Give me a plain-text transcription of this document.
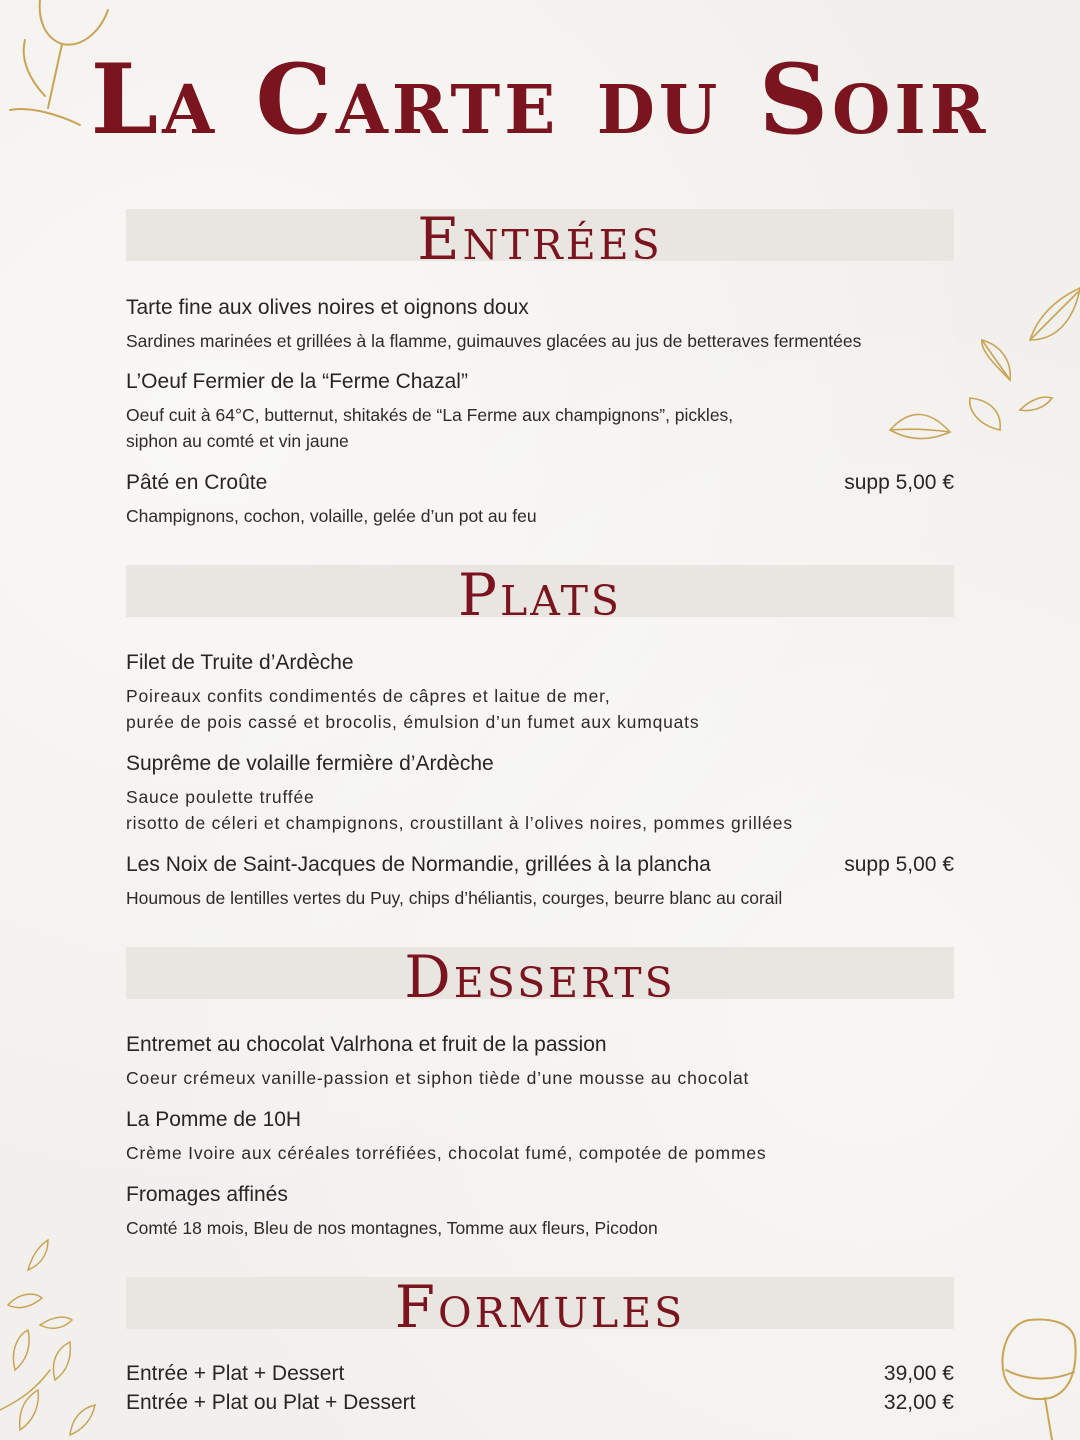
La Carte du Soir
Entrées
Tarte fine aux olives noires et oignons doux
Sardines marinées et grillées à la flamme, guimauves glacées au jus de betteraves fermentées
L’Oeuf Fermier de la “Ferme Chazal”
Oeuf cuit à 64°C, butternut, shitakés de “La Ferme aux champignons”, pickles,
siphon au comté et vin jaune
Pâté en Croûte	supp 5,00 €
Champignons, cochon, volaille, gelée d’un pot au feu
Plats
Filet de Truite d’Ardèche
Poireaux confits condimentés de câpres et laitue de mer,
purée de pois cassé et brocolis, émulsion d’un fumet aux kumquats
Suprême de volaille fermière d’Ardèche
Sauce poulette truffée
risotto de céleri et champignons, croustillant à l’olives noires, pommes grillées
Les Noix de Saint-Jacques de Normandie, grillées à la plancha	supp 5,00 €
Houmous de lentilles vertes du Puy, chips d’héliantis, courges, beurre blanc au corail
Desserts
Entremet au chocolat Valrhona et fruit de la passion
Coeur crémeux vanille-passion et siphon tiède d’une mousse au chocolat
La Pomme de 10H
Crème Ivoire aux céréales torréfiées, chocolat fumé, compotée de pommes
Fromages affinés
Comté 18 mois, Bleu de nos montagnes, Tomme aux fleurs, Picodon
Formules
Entrée + Plat + Dessert	39,00 €
Entrée + Plat ou Plat + Dessert	32,00 €
